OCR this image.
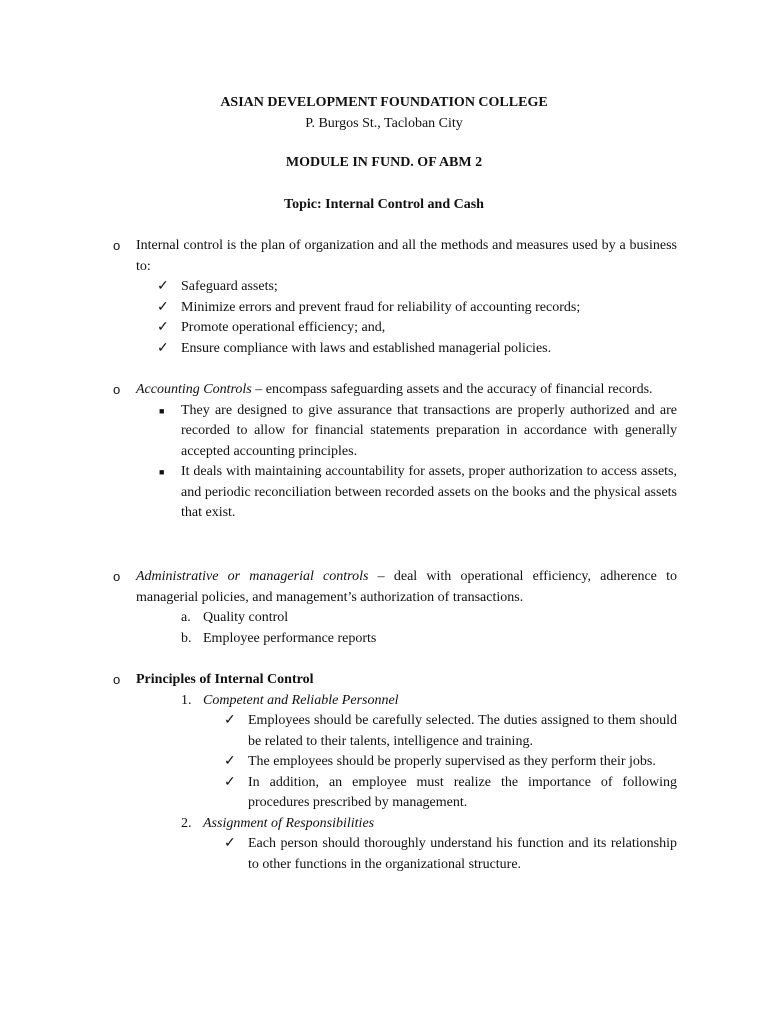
ASIAN DEVELOPMENT FOUNDATION COLLEGE
P. Burgos St., Tacloban City
MODULE IN FUND. OF ABM 2
Topic: Internal Control and Cash
o Internal control is the plan of organization and all the methods and measures used by a business to:
✓ Safeguard assets;
✓ Minimize errors and prevent fraud for reliability of accounting records;
✓ Promote operational efficiency; and,
✓ Ensure compliance with laws and established managerial policies.
o Accounting Controls – encompass safeguarding assets and the accuracy of financial records.
■ They are designed to give assurance that transactions are properly authorized and are recorded to allow for financial statements preparation in accordance with generally accepted accounting principles.
■ It deals with maintaining accountability for assets, proper authorization to access assets, and periodic reconciliation between recorded assets on the books and the physical assets that exist.
o Administrative or managerial controls – deal with operational efficiency, adherence to managerial policies, and management’s authorization of transactions.
a. Quality control
b. Employee performance reports
o Principles of Internal Control
1. Competent and Reliable Personnel
✓ Employees should be carefully selected. The duties assigned to them should be related to their talents, intelligence and training.
✓ The employees should be properly supervised as they perform their jobs.
✓ In addition, an employee must realize the importance of following procedures prescribed by management.
2. Assignment of Responsibilities
✓ Each person should thoroughly understand his function and its relationship to other functions in the organizational structure.
